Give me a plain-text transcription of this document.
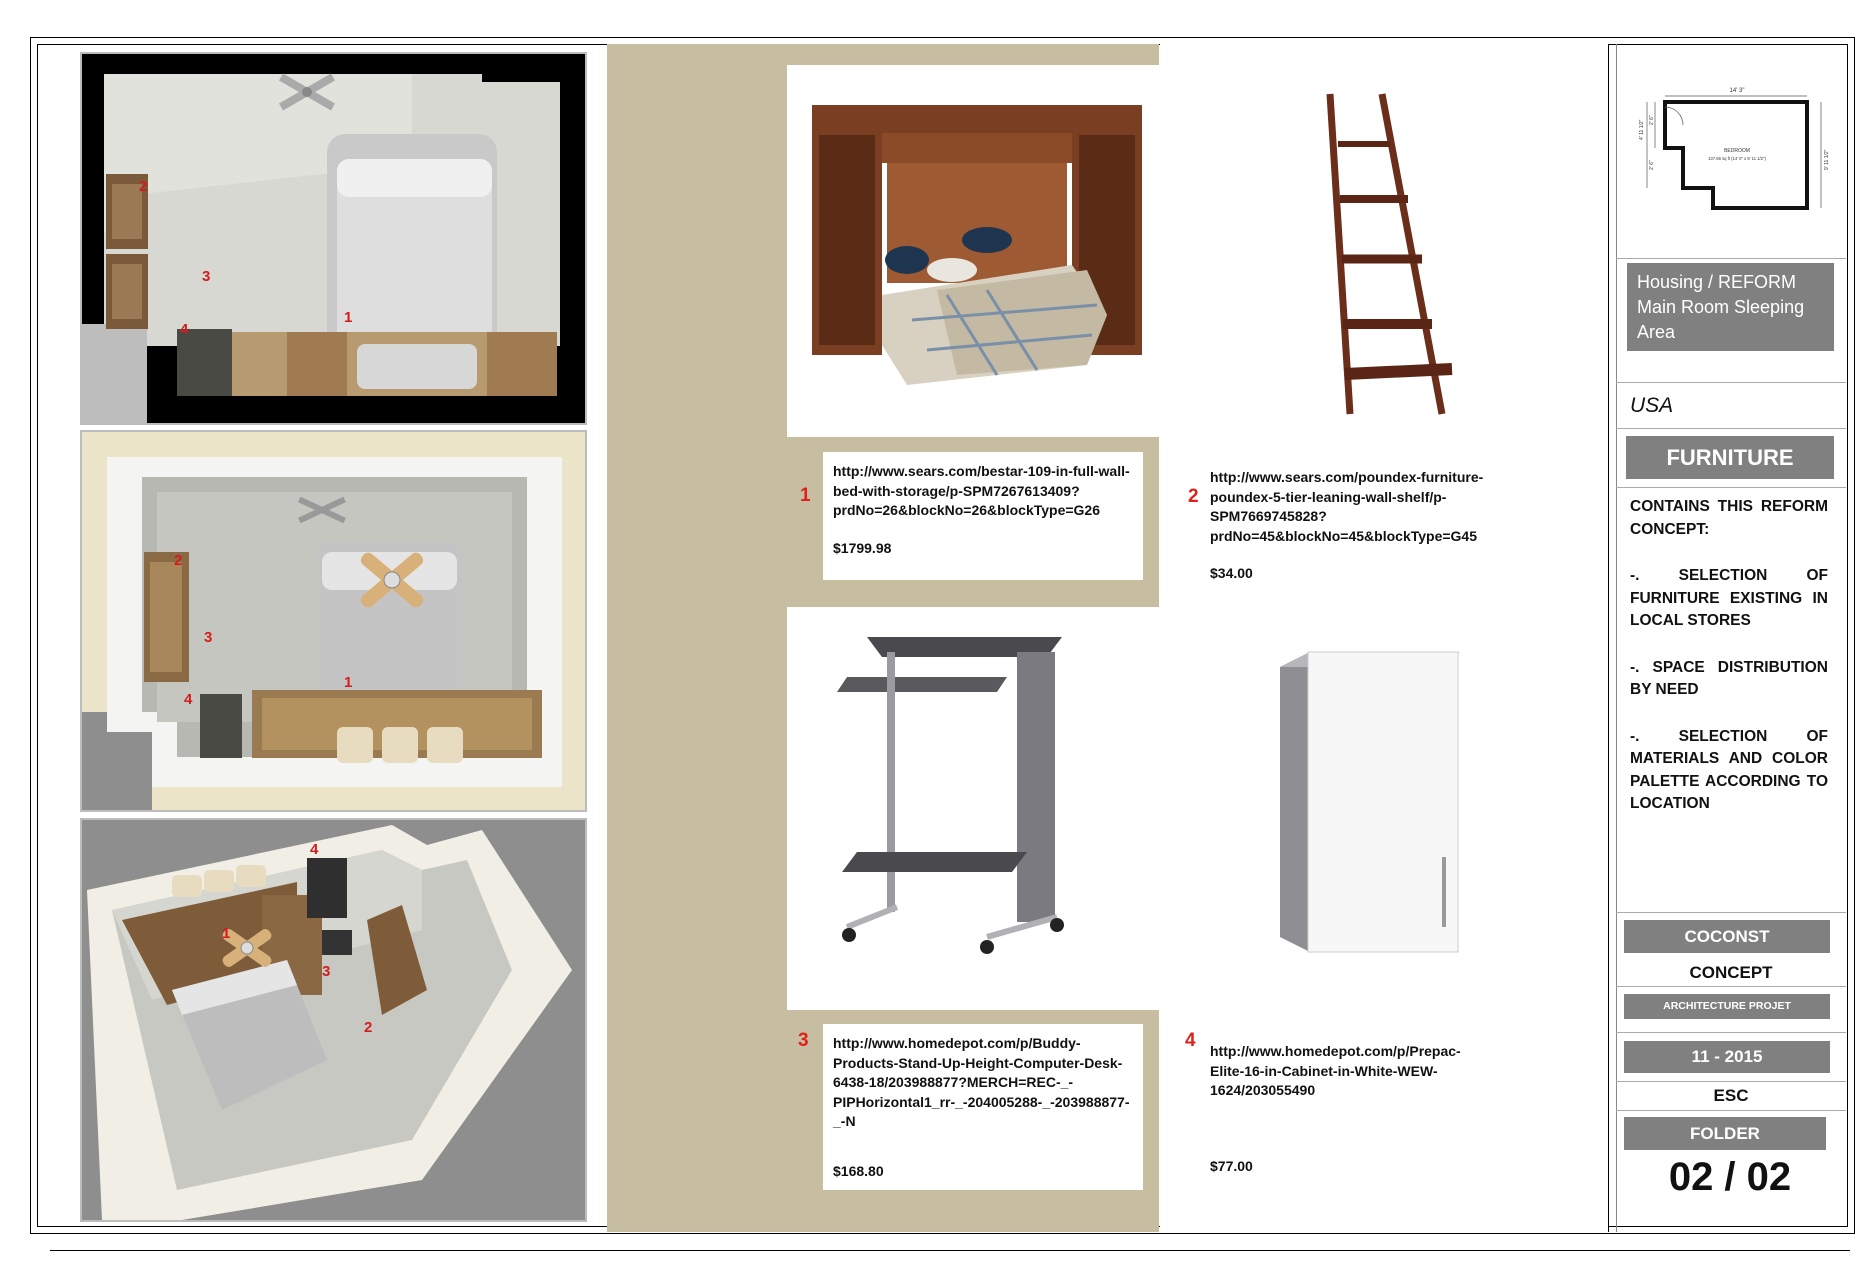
2
3
4
1
2
3
4
1
1
4
3
2
1
http://www.sears.com/bestar-109-in-full-wall-bed-with-storage/p-SPM7267613409?prdNo=26&blockNo=26&blockType=G26
$1799.98
2
http://www.sears.com/poundex-furniture-poundex-5-tier-leaning-wall-shelf/p-SPM7669745828?prdNo=45&blockNo=45&blockType=G45
$34.00
3	http://www.homedepot.com/p/Buddy-Products-Stand-Up-Height-Computer-Desk-6438-18/203988877?MERCH=REC-_-PIPHorizontal1_rr-_-204005288-_-203988877-_-N
$168.80
4	http://www.homedepot.com/p/Prepac-Elite-16-in-Cabinet-in-White-WEW-1624/203055490
$77.00
14' 3"
BEDROOM
137.66 sq ft (14' 0" x 8' 11 1/2")
4' 11 1/2" 2' 6"
2' 6"	9' 11 1/2"
Housing / REFORM Main Room Sleeping Area
USA
FURNITURE

CONTAINS THIS REFORM CONCEPT:

-. SELECTION OF FURNITURE EXISTING IN LOCAL STORES

-. SPACE DISTRIBUTION BY NEED

-. SELECTION OF MATERIALS AND COLOR PALETTE ACCORDING TO LOCATION

COCONST
CONCEPT
ARCHITECTURE PROJET
11 - 2015
ESC
FOLDER
02 / 02
